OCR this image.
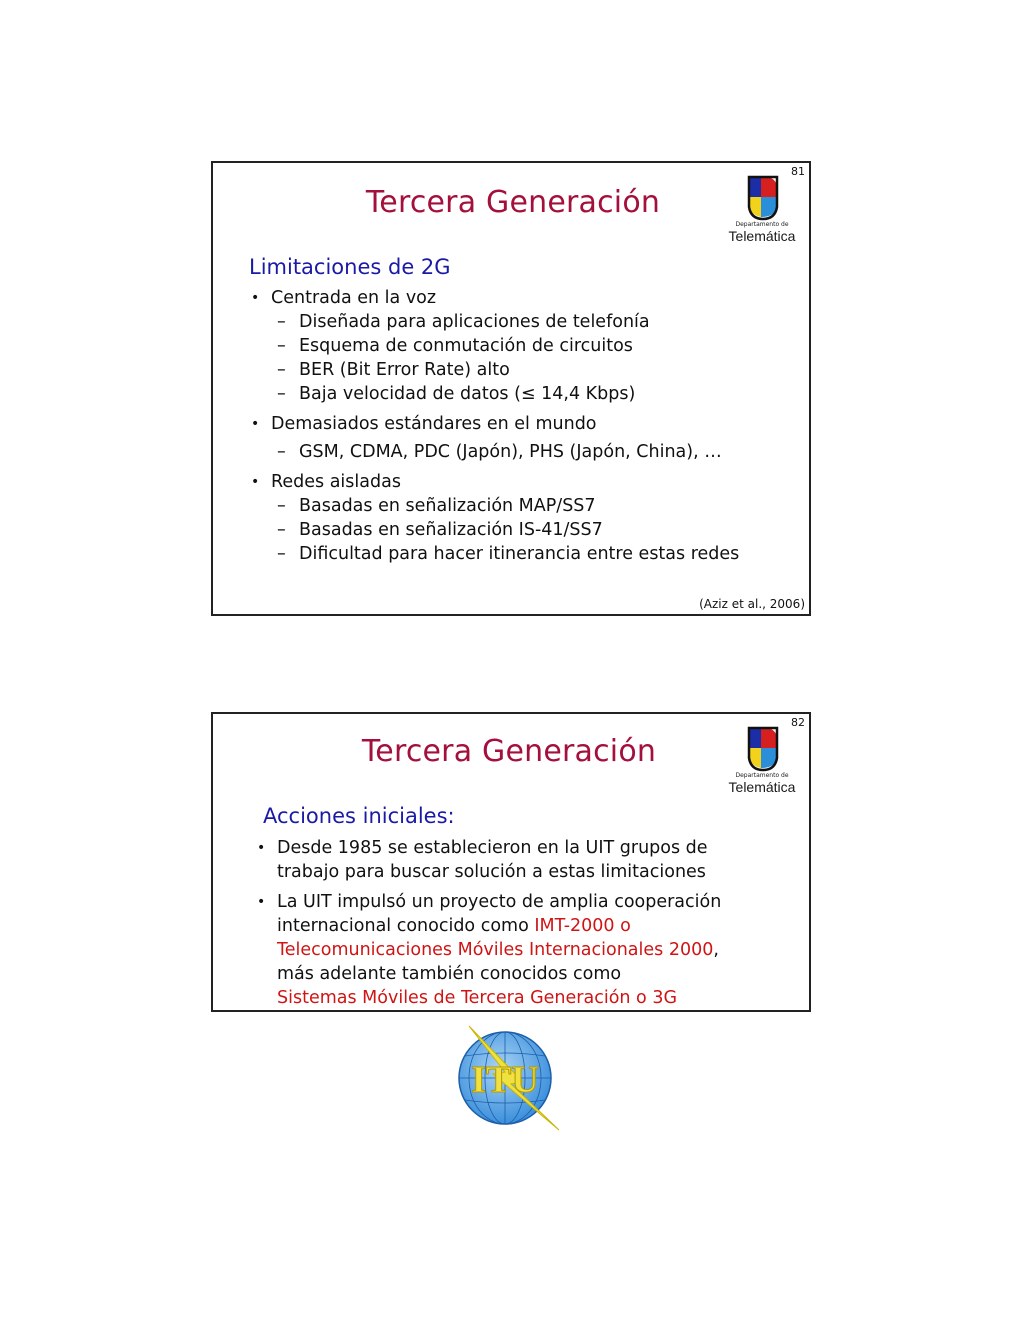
81
Tercera Generación
Departamento de
Telemática
Limitaciones de 2G
• Centrada en la voz
– Diseñada para aplicaciones de telefonía
– Esquema de conmutación de circuitos
– BER (Bit Error Rate) alto
– Baja velocidad de datos (≤ 14,4 Kbps)
• Demasiados estándares en el mundo
– GSM, CDMA, PDC (Japón), PHS (Japón, China), …
• Redes aisladas
– Basadas en señalización MAP/SS7
– Basadas en señalización IS-41/SS7
– Dificultad para hacer itinerancia entre estas redes
(Aziz et al., 2006)
82
Tercera Generación
Departamento de
Telemática
Acciones iniciales:
• Desde 1985 se establecieron en la UIT grupos de
trabajo para buscar solución a estas limitaciones
• La UIT impulsó un proyecto de amplia cooperación
internacional conocido como IMT-2000 o
Telecomunicaciones Móviles Internacionales 2000,
más adelante también conocidos como
Sistemas Móviles de Tercera Generación o 3G
ITU
